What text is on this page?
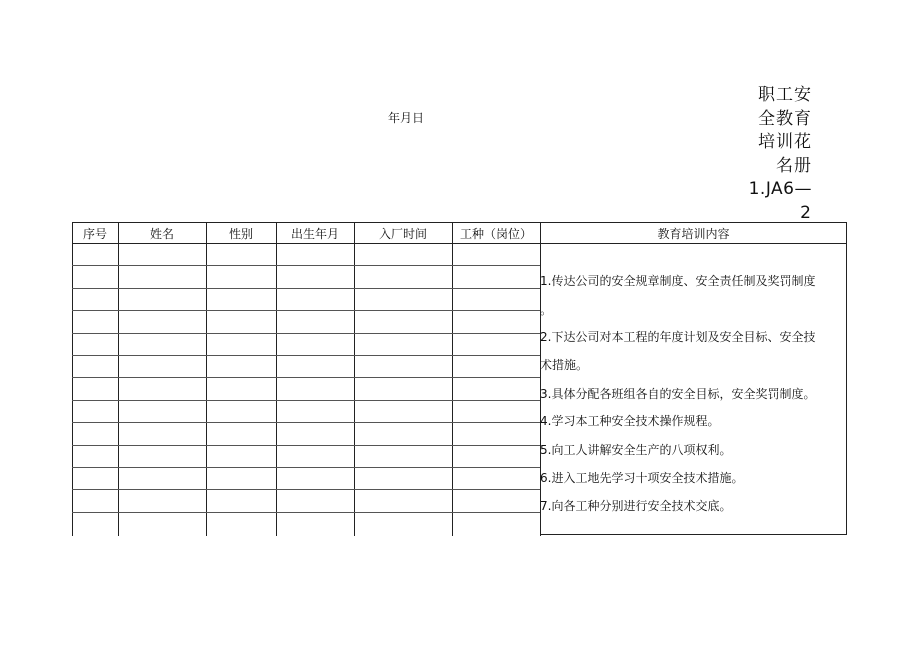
职工安
全教育
培训花
名册
1.JA6—
2
年月日
序号	姓名	性别	出生年月	入厂时间	工种（岗位）	教育培训内容
1.传达公司的安全规章制度、安全责任制及奖罚制度
。
2.下达公司对本工程的年度计划及安全目标、安全技
术措施。
3.具体分配各班组各自的安全目标，安全奖罚制度。
4.学习本工种安全技术操作规程。
5.向工人讲解安全生产的八项权利。
6.进入工地先学习十项安全技术措施。
7.向各工种分别进行安全技术交底。
